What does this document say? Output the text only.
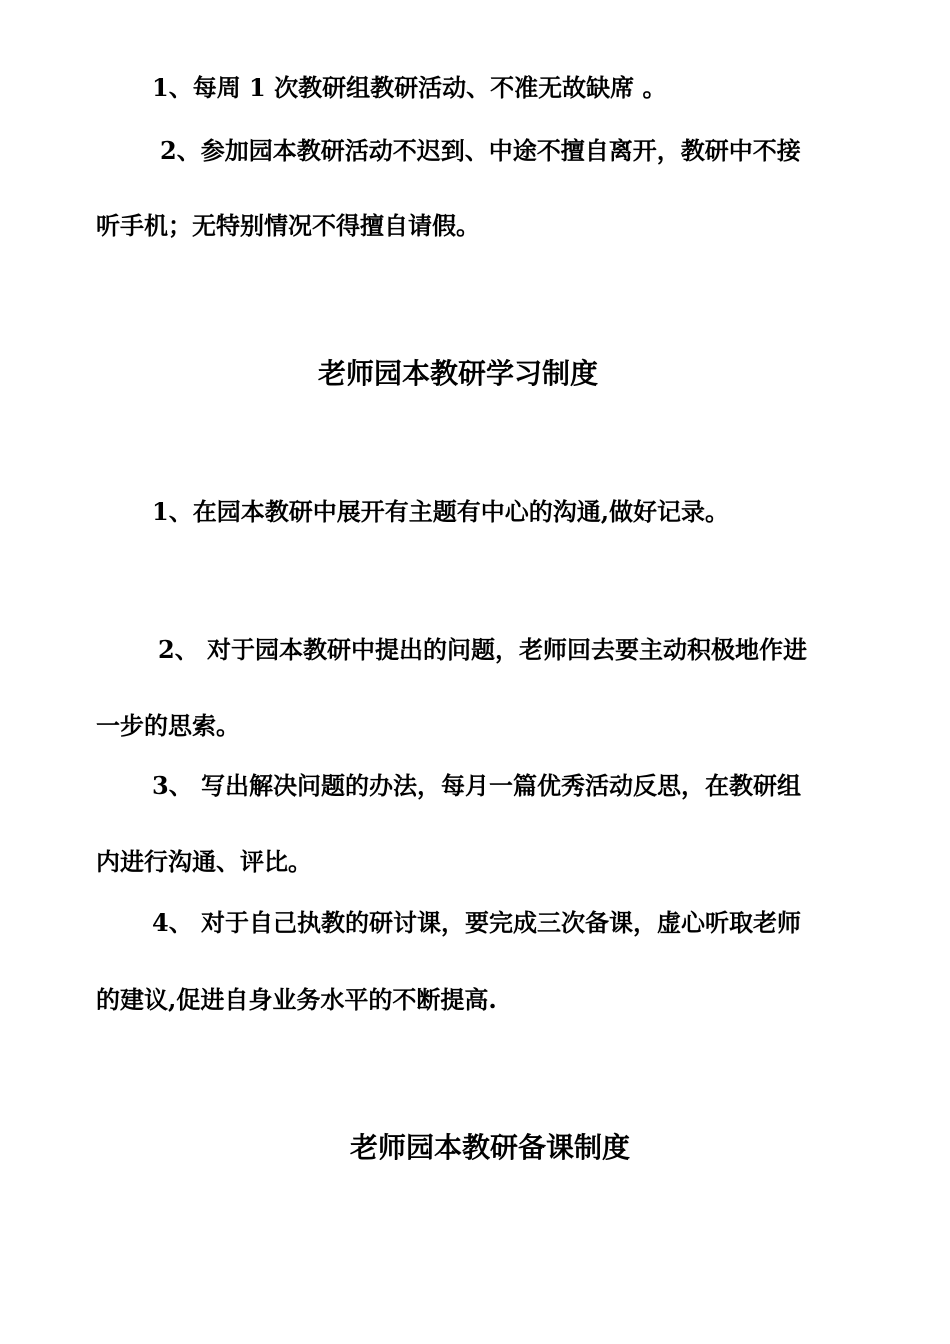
1、每周 1 次教研组教研活动、不准无故缺席 。

2、参加园本教研活动不迟到、中途不擅自离开，教研中不接

听手机；无特别情况不得擅自请假。

老师园本教研学习制度

1、在园本教研中展开有主题有中心的沟通,做好记录。

2、 对于园本教研中提出的问题，老师回去要主动积极地作进

一步的思索。

3、 写出解决问题的办法，每月一篇优秀活动反思，在教研组

内进行沟通、评比。

4、 对于自己执教的研讨课，要完成三次备课，虚心听取老师

的建议,促进自身业务水平的不断提高.

老师园本教研备课制度
